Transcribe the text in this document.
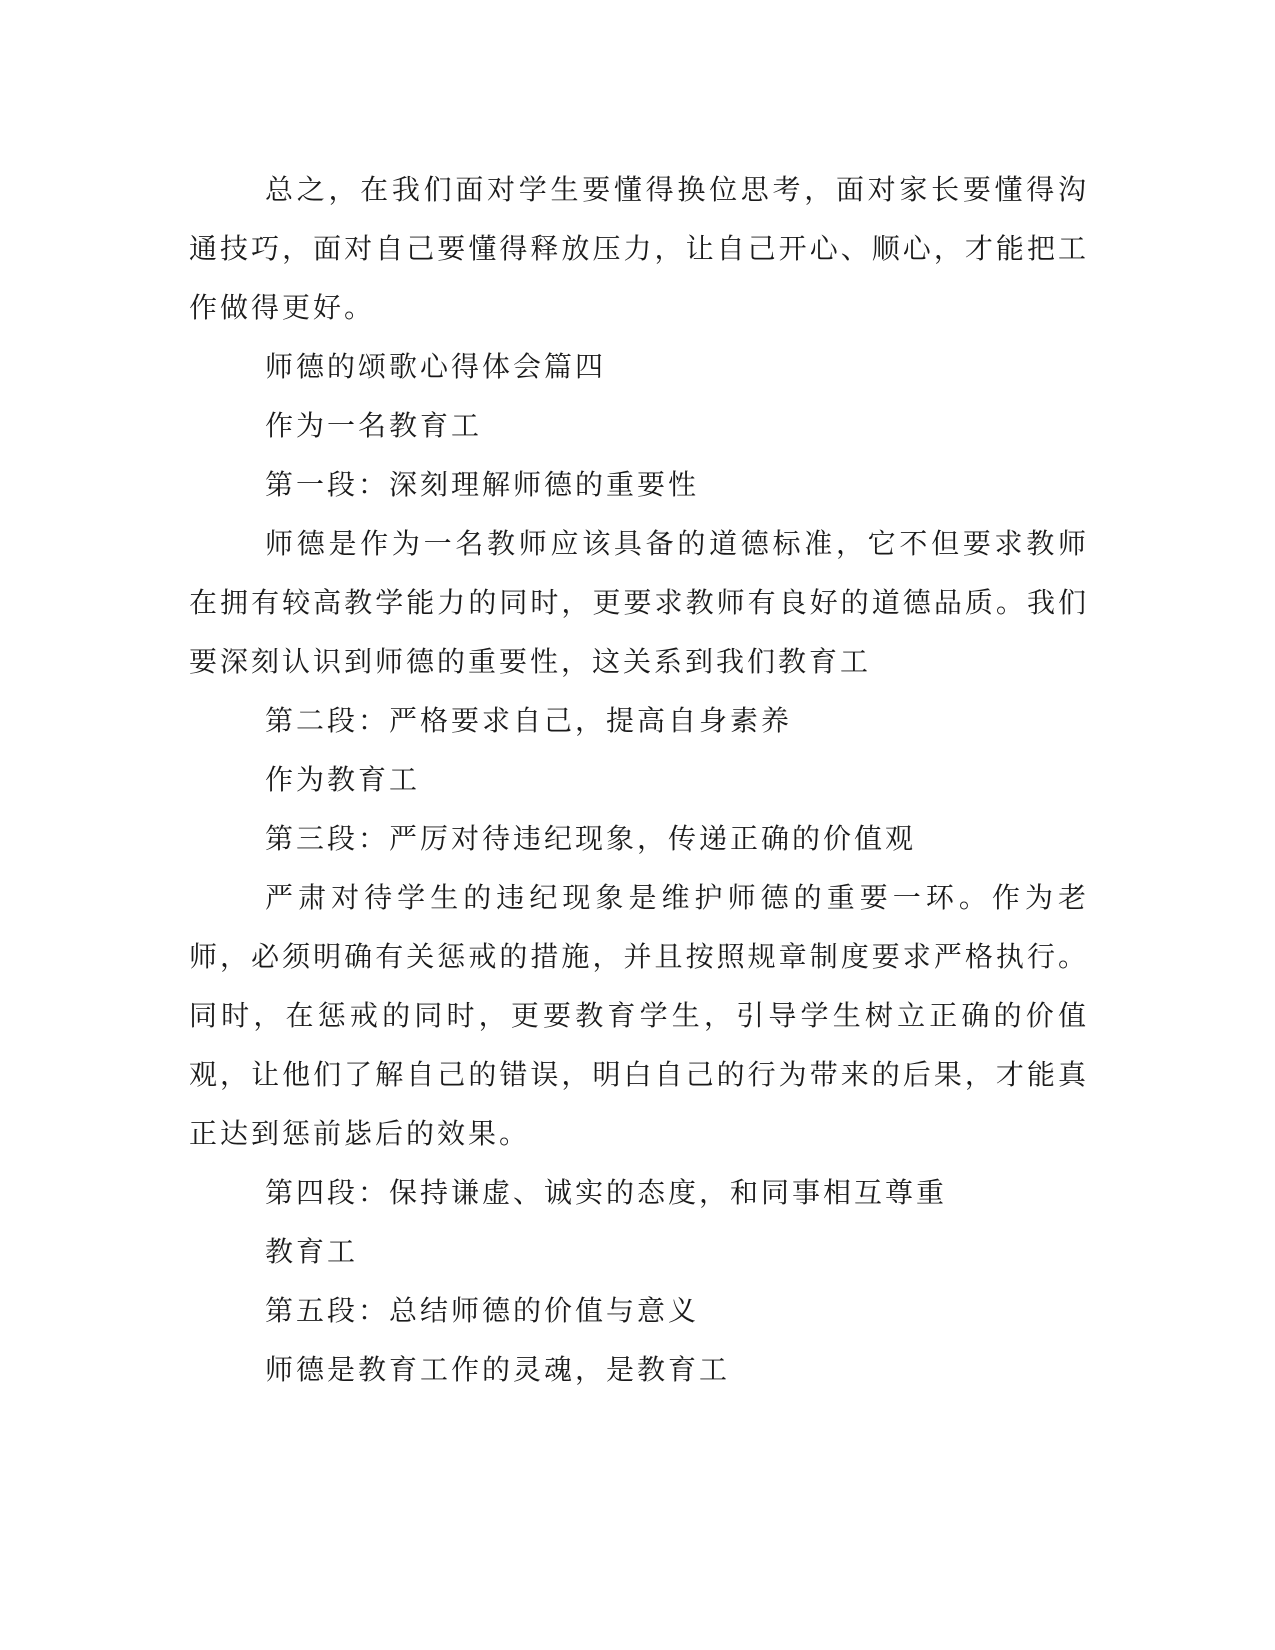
总之，在我们面对学生要懂得换位思考，面对家长要懂得沟通技巧，面对自己要懂得释放压力，让自己开心、顺心，才能把工作做得更好。

师德的颂歌心得体会篇四

作为一名教育工

第一段：深刻理解师德的重要性

师德是作为一名教师应该具备的道德标准，它不但要求教师在拥有较高教学能力的同时，更要求教师有良好的道德品质。我们要深刻认识到师德的重要性，这关系到我们教育工

第二段：严格要求自己，提高自身素养

作为教育工

第三段：严厉对待违纪现象，传递正确的价值观

严肃对待学生的违纪现象是维护师德的重要一环。作为老师，必须明确有关惩戒的措施，并且按照规章制度要求严格执行。同时，在惩戒的同时，更要教育学生，引导学生树立正确的价值观，让他们了解自己的错误，明白自己的行为带来的后果，才能真正达到惩前毖后的效果。

第四段：保持谦虚、诚实的态度，和同事相互尊重

教育工

第五段：总结师德的价值与意义

师德是教育工作的灵魂，是教育工
